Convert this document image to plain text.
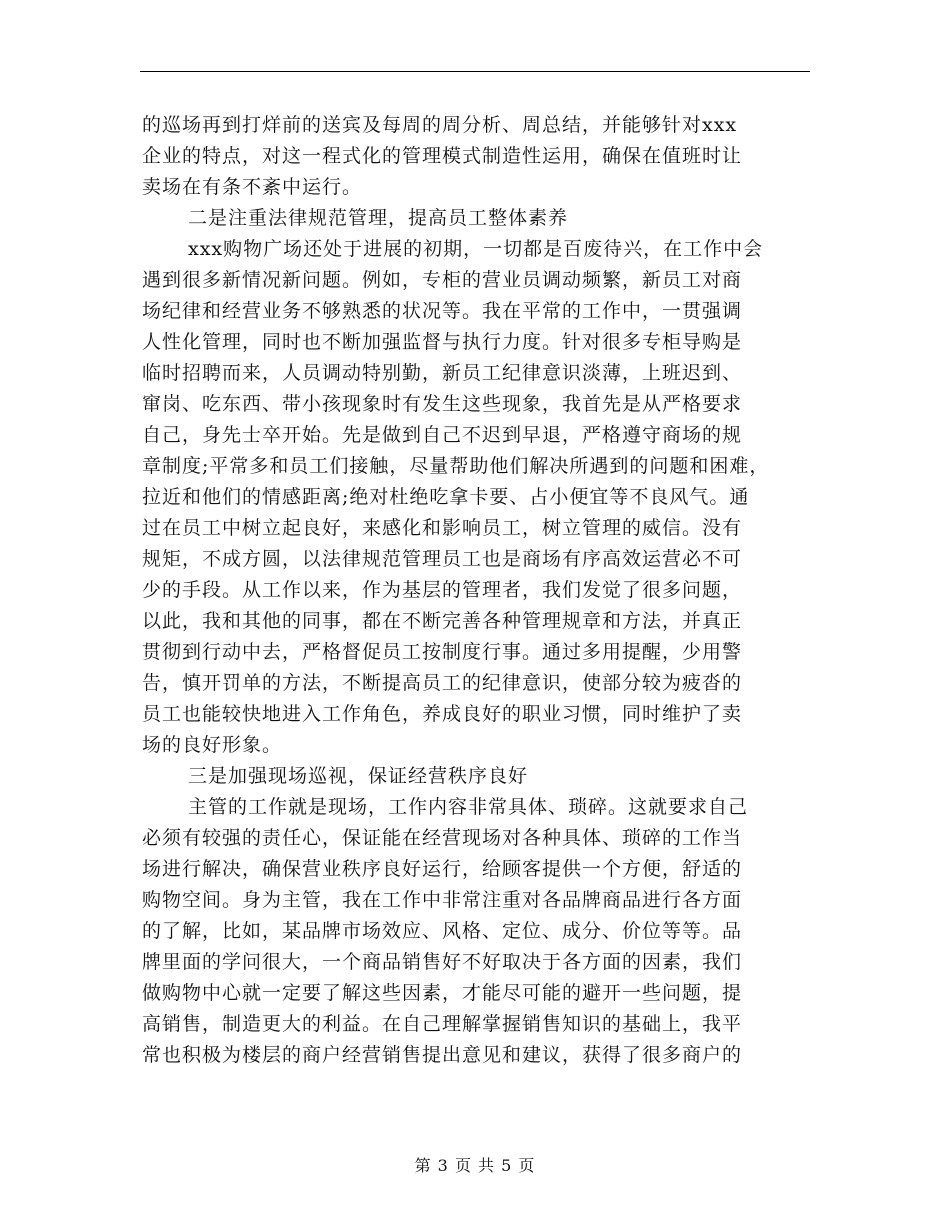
的巡场再到打烊前的送宾及每周的周分析、周总结，并能够针对xxx
企业的特点，对这一程式化的管理模式制造性运用，确保在值班时让
卖场在有条不紊中运行。
二是注重法律规范管理，提高员工整体素养
xxx购物广场还处于进展的初期，一切都是百废待兴，在工作中会
遇到很多新情况新问题。例如，专柜的营业员调动频繁，新员工对商
场纪律和经营业务不够熟悉的状况等。我在平常的工作中，一贯强调
人性化管理，同时也不断加强监督与执行力度。针对很多专柜导购是
临时招聘而来，人员调动特别勤，新员工纪律意识淡薄，上班迟到、
窜岗、吃东西、带小孩现象时有发生这些现象，我首先是从严格要求
自己，身先士卒开始。先是做到自己不迟到早退，严格遵守商场的规
章制度;平常多和员工们接触，尽量帮助他们解决所遇到的问题和困难，
拉近和他们的情感距离;绝对杜绝吃拿卡要、占小便宜等不良风气。通
过在员工中树立起良好，来感化和影响员工，树立管理的威信。没有
规矩，不成方圆，以法律规范管理员工也是商场有序高效运营必不可
少的手段。从工作以来，作为基层的管理者，我们发觉了很多问题，
以此，我和其他的同事，都在不断完善各种管理规章和方法，并真正
贯彻到行动中去，严格督促员工按制度行事。通过多用提醒，少用警
告，慎开罚单的方法，不断提高员工的纪律意识，使部分较为疲沓的
员工也能较快地进入工作角色，养成良好的职业习惯，同时维护了卖
场的良好形象。
三是加强现场巡视，保证经营秩序良好
主管的工作就是现场，工作内容非常具体、琐碎。这就要求自己
必须有较强的责任心，保证能在经营现场对各种具体、琐碎的工作当
场进行解决，确保营业秩序良好运行，给顾客提供一个方便，舒适的
购物空间。身为主管，我在工作中非常注重对各品牌商品进行各方面
的了解，比如，某品牌市场效应、风格、定位、成分、价位等等。品
牌里面的学问很大，一个商品销售好不好取决于各方面的因素，我们
做购物中心就一定要了解这些因素，才能尽可能的避开一些问题，提
高销售，制造更大的利益。在自己理解掌握销售知识的基础上，我平
常也积极为楼层的商户经营销售提出意见和建议，获得了很多商户的
第 3 页 共 5 页
